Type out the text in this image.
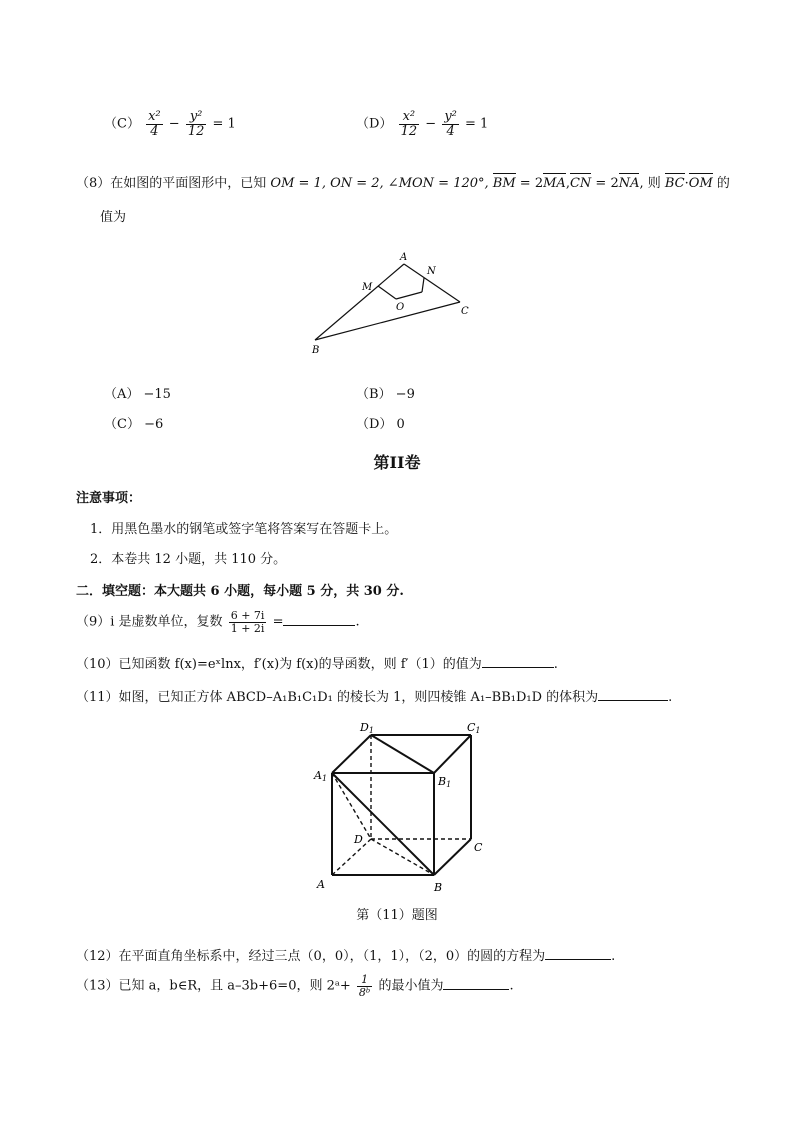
$(C) \frac{\text{x²}}{4} - \frac{\text{y²}}{12} = 1$	$(D) \frac{\text{x²}}{12} - \frac{\text{y²}}{4} = 1$
（8）在如图的平面图形中，已知 OM = 1, ON = 2, ∠MON = 120°, BM = 2MA,CN = 2NA, 则 BC·OM 的
值为
A
N
M
O	C
B
（A） −15	（B） −9
（C） −6	（D） 0
第II卷
注意事项：
1．用黑色墨水的钢笔或签字笔将答案写在答题卡上。
2．本卷共 12 小题，共 110 分。
二．填空题：本大题共 6 小题，每小题 5 分，共 30 分.
（9）i 是虚数单位，复数 $\frac{6 + 7i}{1 + 2i}$ =	.
（10）已知函数 f(x)=eˣlnx，f′(x)为 f(x)的导函数，则 f′（1）的值为	.
（11）如图，已知正方体 ABCD–A₁B₁C₁D₁ 的棱长为 1，则四棱锥 A₁–BB₁D₁D 的体积为	.
D1	C1
A1	B1
D
C
A	B
第（11）题图
（12）在平面直角坐标系中，经过三点（0，0），（1，1），（2，0）的圆的方程为	.
（13）已知 a，b∈R，且 a–3b+6=0，则 2ᵃ+ $\frac{1}{\text{8ᵇ}}$ 的最小值为	.
